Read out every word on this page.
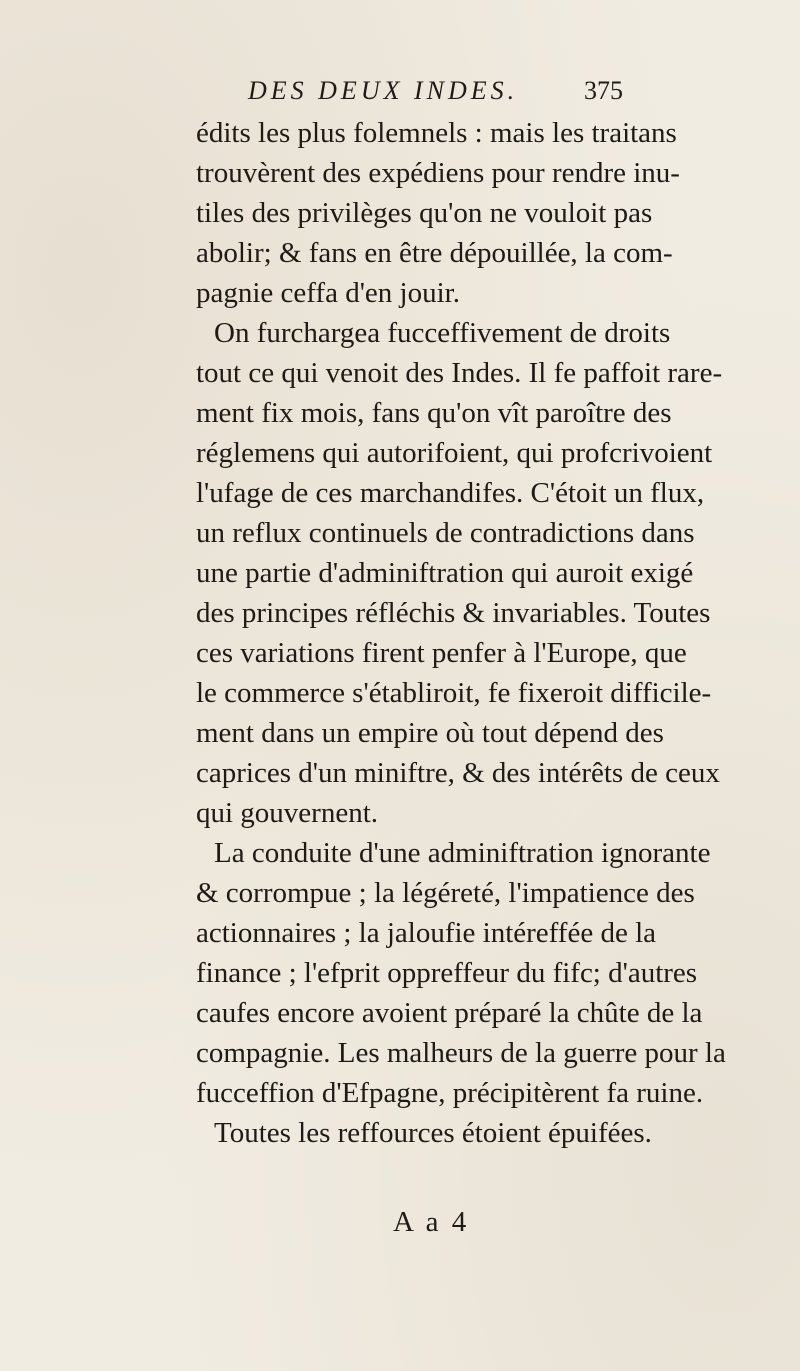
DES DEUX INDES.	375
édits les plus folemnels : mais les traitans
trouvèrent des expédiens pour rendre inu-
tiles des privilèges qu'on ne vouloit pas
abolir; & fans en être dépouillée, la com-
pagnie ceffa d'en jouir.
On furchargea fucceffivement de droits
tout ce qui venoit des Indes. Il fe paffoit rare-
ment fix mois, fans qu'on vît paroître des
réglemens qui autorifoient, qui profcrivoient
l'ufage de ces marchandifes. C'étoit un flux,
un reflux continuels de contradictions dans
une partie d'adminiftration qui auroit exigé
des principes réfléchis & invariables. Toutes
ces variations firent penfer à l'Europe, que
le commerce s'établiroit, fe fixeroit difficile-
ment dans un empire où tout dépend des
caprices d'un miniftre, & des intérêts de ceux
qui gouvernent.
La conduite d'une adminiftration ignorante
& corrompue ; la légéreté, l'impatience des
actionnaires ; la jaloufie intéreffée de la
finance ; l'efprit oppreffeur du fifc; d'autres
caufes encore avoient préparé la chûte de la
compagnie. Les malheurs de la guerre pour la
fucceffion d'Efpagne, précipitèrent fa ruine.
Toutes les reffources étoient épuifées.
A a 4
